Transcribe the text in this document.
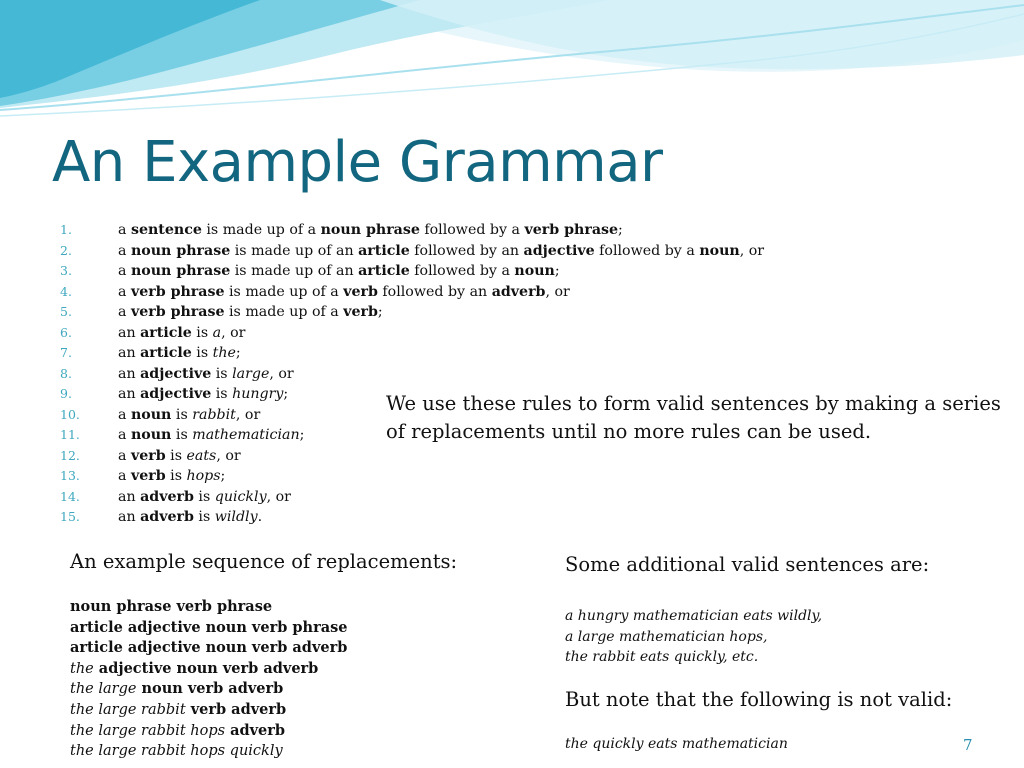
An Example Grammar
1.	a sentence is made up of a noun phrase followed by a verb phrase;
2.	a noun phrase is made up of an article followed by an adjective followed by a noun, or
3.	a noun phrase is made up of an article followed by a noun;
4.	a verb phrase is made up of a verb followed by an adverb, or
5.	a verb phrase is made up of a verb;
6.	an article is a, or
7.	an article is the;
8.	an adjective is large, or
9.	an adjective is hungry;
10.	a noun is rabbit, or
11.	a noun is mathematician;
12.	a verb is eats, or
13.	a verb is hops;
14.	an adverb is quickly, or
15.	an adverb is wildly.
We use these rules to form valid sentences by making a series of replacements until no more rules can be used.
An example sequence of replacements:
noun phrase verb phrase
article adjective noun verb phrase
article adjective noun verb adverb
the adjective noun verb adverb
the large noun verb adverb
the large rabbit verb adverb
the large rabbit hops adverb
the large rabbit hops quickly
Some additional valid sentences are:
a hungry mathematician eats wildly,
a large mathematician hops,
the rabbit eats quickly, etc.
But note that the following is not valid:
the quickly eats mathematician	7
